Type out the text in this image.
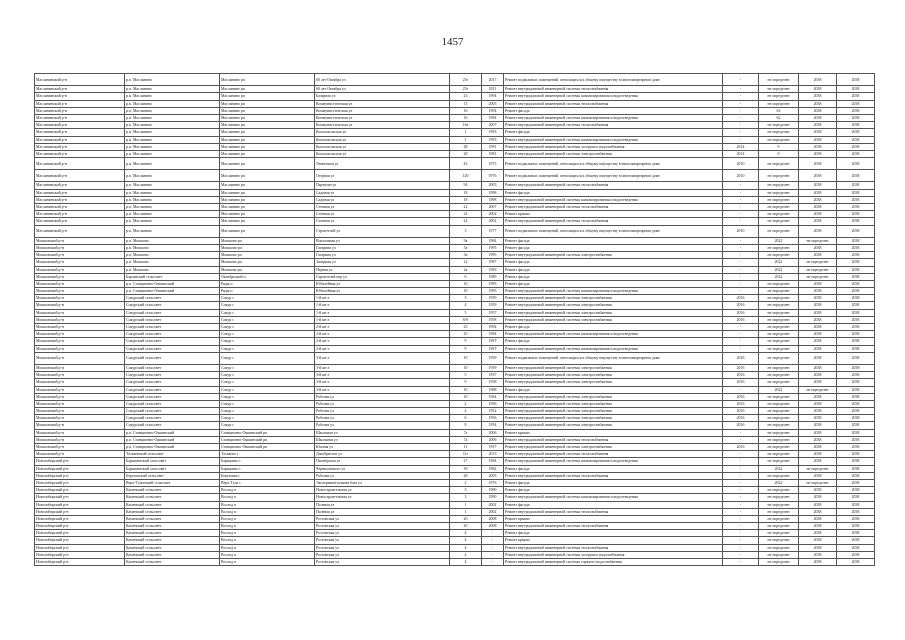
1457
Маслянинский р-н	р.п. Маслянино	Маслянино рп	60 лет Октября ул	25г	2017	Ремонт подвальных помещений, относящихся к общему имуществу в многоквартирном доме	-	не определен	2038	2038
Маслянинский р-н	р.п. Маслянино	Маслянино рп	60 лет Октября ул	25г	2011	Ремонт внутридомовой инженерной системы теплоснабжения	-	не определен	2038	2038
Маслянинский р-н	р.п. Маслянино	Маслянино рп	Базарная ул	23	1994	Ремонт внутридомовой инженерной системы канализирования и водоотведения	-	не определен	2038	2038
Маслянинский р-н	р.п. Маслянино	Маслянино рп	Коммунистическая ул	13	2005	Ремонт внутридомовой инженерной системы теплоснабжения	-	не определен	2038	2038
Маслянинский р-н	р.п. Маслянино	Маслянино рп	Коммунистическая ул	16	1994	Ремонт фасада	-	63	2038	2038
Маслянинский р-н	р.п. Маслянино	Маслянино рп	Коммунистическая ул	16	1994	Ремонт внутридомовой инженерной системы канализирования и водоотведения	-	62	2038	2038
Маслянинский р-н	р.п. Маслянино	Маслянино рп	Коммунистическая ул	16а	2007	Ремонт внутридомовой инженерной системы теплоснабжения	-	не определен	2038	2038
Маслянинский р-н	р.п. Маслянино	Маслянино рп	Комсомольская ул	1	1993	Ремонт фасада	-	не определен	2038	2038
Маслянинский р-н	р.п. Маслянино	Маслянино рп	Комсомольская ул	1	1993	Ремонт внутридомовой инженерной системы канализирования и водоотведения	-	не определен	2038	2038
Маслянинский р-н	р.п. Маслянино	Маслянино рп	Комсомольская ул	28	1981	Ремонт внутридомовой инженерной системы холодного водоснабжения	2014	0	2038	2038
Маслянинский р-н	р.п. Маслянино	Маслянино рп	Комсомольская ул	28	1981	Ремонт внутридомовой инженерной системы электроснабжения	2014	0	2038	2038
Маслянинский р-н	р.п. Маслянино	Маслянино рп	Ленинская ул	43	1975	Ремонт подвальных помещений, относящихся к общему имуществу в многоквартирном доме	2010	не определен	2038	2038
Маслянинский р-н	р.п. Маслянино	Маслянино рп	Озерная ул	120	1976	Ремонт подвальных помещений, относящихся к общему имуществу в многоквартирном доме	2010	не определен	2038	2038
Маслянинский р-н	р.п. Маслянино	Маслянино рп	Партизан ул	94	2005	Ремонт внутридомовой инженерной системы теплоснабжения	-	не определен	2038	2038
Маслянинский р-н	р.п. Маслянино	Маслянино рп	Садовая ул	18	1998	Ремонт фасада	-	не определен	2038	2038
Маслянинский р-н	р.п. Маслянино	Маслянино рп	Садовая ул	18	1998	Ремонт внутридомовой инженерной системы канализирования и водоотведения	-	не определен	2038	2038
Маслянинский р-н	р.п. Маслянино	Маслянино рп	Степная ул	22	2007	Ремонт внутридомовой инженерной системы теплоснабжения	-	не определен	2038	2038
Маслянинский р-н	р.п. Маслянино	Маслянино рп	Степная ул	24	2002	Ремонт крыши	-	не определен	2038	2038
Маслянинский р-н	р.п. Маслянино	Маслянино рп	Степная ул	24	2002	Ремонт внутридомовой инженерной системы теплоснабжения	-	не определен	2038	2038
Маслянинский р-н	р.п. Маслянино	Маслянино рп	Строителей ул	3	1977	Ремонт подвальных помещений, относящихся к общему имуществу в многоквартирном доме	2010	не определен	2038	2038
Мошковский р-н	р.п. Мошково	Мошково рп	Вокзальная ул	9а	1984	Ремонт фасада	-	2022	не определен	2038
Мошковский р-н	р.п. Мошково	Мошково рп	Гагарина ул	5а	1995	Ремонт фасада	-	не определен	2038	2038
Мошковский р-н	р.п. Мошково	Мошково рп	Гагарина ул	5а	1995	Ремонт внутридомовой инженерной системы электроснабжения	-	не определен	2038	2038
Мошковский р-н	р.п. Мошково	Мошково рп	Западная ул	12	1987	Ремонт фасада	-	2022	не определен	2038
Мошковский р-н	р.п. Мошково	Мошково рп	Первая ул	2а	1983	Ремонт фасада	-	2022	не определен	2038
Мошковский р-н	Барлакский сельсовет	Октябрьский п	Строителей пер ул	6	1989	Ремонт фасада	-	2022	не определен	2038
Мошковский р-н	р.п. Станционно-Ояшинский	Ряды п	Юбилейная ул	10	1995	Ремонт фасада	-	не определен	2038	2038
Мошковский р-н	р.п. Станционно-Ояшинский	Ряды п	Юбилейная ул	10	1995	Ремонт внутридомовой инженерной системы канализирования и водоотведения	-	не определен	2038	2038
Мошковский р-н	Сокурский сельсовет	Сокур с	1-й кв-л	3	1959	Ремонт внутридомовой инженерной системы электроснабжения	2016	не определен	2038	2038
Мошковский р-н	Сокурский сельсовет	Сокур с	1-й кв-л	4	1959	Ремонт внутридомовой инженерной системы электроснабжения	2016	не определен	2038	2038
Мошковский р-н	Сокурский сельсовет	Сокур с	1-й кв-л	5	1957	Ремонт внутридомовой инженерной системы электроснабжения	2016	не определен	2038	2038
Мошковский р-н	Сокурский сельсовет	Сокур с	1-й кв-л	6/9	1958	Ремонт внутридомовой инженерной системы электроснабжения	2016	не определен	2038	2038
Мошковский р-н	Сокурский сельсовет	Сокур с	2-й кв-л	25	1994	Ремонт фасада	-	не определен	2038	2038
Мошковский р-н	Сокурский сельсовет	Сокур с	2-й кв-л	25	1994	Ремонт внутридомовой инженерной системы канализирования и водоотведения	-	не определен	2038	2038
Мошковский р-н	Сокурский сельсовет	Сокур с	2-й кв-л	9	1997	Ремонт фасада	-	не определен	2038	2038
Мошковский р-н	Сокурский сельсовет	Сокур с	2-й кв-л	9	1997	Ремонт внутридомовой инженерной системы канализирования и водоотведения	-	не определен	2038	2038
Мошковский р-н	Сокурский сельсовет	Сокур с	3-й кв-л	10	1959	Ремонт подвальных помещений, относящихся к общему имуществу в многоквартирном доме	2016	не определен	2038	2038
Мошковский р-н	Сокурский сельсовет	Сокур с	3-й кв-л	10	1959	Ремонт внутридомовой инженерной системы электроснабжения	2016	не определен	2038	2038
Мошковский р-н	Сокурский сельсовет	Сокур с	3-й кв-л	5	1957	Ремонт внутридомовой инженерной системы электроснабжения	2016	не определен	2038	2038
Мошковский р-н	Сокурский сельсовет	Сокур с	3-й кв-л	9	1958	Ремонт внутридомовой инженерной системы электроснабжения	2016	не определен	2038	2038
Мошковский р-н	Сокурский сельсовет	Сокур с	3-й кв-л	10	1988	Ремонт фасада	-	2022	не определен	2038
Мошковский р-н	Сокурский сельсовет	Сокур с	Рабочая ул	10	1964	Ремонт внутридомовой инженерной системы электроснабжения	2016	не определен	2038	2038
Мошковский р-н	Сокурский сельсовет	Сокур с	Рабочая ул	2	1956	Ремонт внутридомовой инженерной системы электроснабжения	2016	не определен	2038	2038
Мошковский р-н	Сокурский сельсовет	Сокур с	Рабочая ул	4	1952	Ремонт внутридомовой инженерной системы электроснабжения	2016	не определен	2038	2038
Мошковский р-н	Сокурский сельсовет	Сокур с	Рабочая ул	6	1956	Ремонт внутридомовой инженерной системы электроснабжения	2016	не определен	2038	2038
Мошковский р-н	Сокурский сельсовет	Сокур с	Рабочая ул	8	1954	Ремонт внутридомовой инженерной системы электроснабжения	2016	не определен	2038	2038
Мошковский р-н	р.п. Станционно-Ояшинский	Станционно-Ояшинский рп	Школьная ул	7а	2006	Ремонт крыши	-	не определен	2038	2038
Мошковский р-н	р.п. Станционно-Ояшинский	Станционно-Ояшинский рп	Школьная ул	7а	2006	Ремонт внутридомовой инженерной системы теплоснабжения	-	не определен	2038	2038
Мошковский р-н	р.п. Станционно-Ояшинский	Станционно-Ояшинский рп	Южная ул	11	1957	Ремонт внутридомовой инженерной системы электроснабжения	2016	не определен	2038	2038
Мошковский р-н	Таскаевский сельсовет	Таскаево с	Декабристов ул	11г	2013	Ремонт внутридомовой инженерной системы теплоснабжения	-	не определен	2038	2038
Новосибирский р-н	Барышевский сельсовет	Барышево с	Пионерская ул	27	1994	Ремонт внутридомовой инженерной системы канализирования и водоотведения	-	не определен	2038	2038
Новосибирский р-н	Барышевский сельсовет	Барышево с	Черняховского ул	39	1982	Ремонт фасада	-	2022	не определен	2038
Новосибирский р-н	Березовский сельсовет	Березовка с	Рабочая ул	28	2005	Ремонт внутридомовой инженерной системы теплоснабжения	-	не определен	2038	2038
Новосибирский р-н	Верх-Тулинский сельсовет	Верх-Тула с	Экспериментальная база ул	2	1976	Ремонт фасада	-	2022	не определен	2038
Новосибирский р-н	Каменский сельсовет	Восход п	Новостроительная ул	3	1990	Ремонт фасада	-	не определен	2038	2038
Новосибирский р-н	Каменский сельсовет	Восход п	Новостроительная ул	3	1990	Ремонт внутридомовой инженерной системы канализирования и водоотведения	-	не определен	2038	2038
Новосибирский р-н	Каменский сельсовет	Восход п	Полевая ул	1	2002	Ремонт фасада	-	не определен	2038	2038
Новосибирский р-н	Каменский сельсовет	Восход п	Полевая ул	1	2002	Ремонт внутридомовой инженерной системы теплоснабжения	-	не определен	2038	2038
Новосибирский р-н	Каменский сельсовет	Восход п	Ростовская ул	20	2008	Ремонт крыши	-	не определен	2038	2038
Новосибирский р-н	Каменский сельсовет	Восход п	Ростовская ул	20	2008	Ремонт внутридомовой инженерной системы теплоснабжения	-	не определен	2038	2038
Новосибирский р-н	Каменский сельсовет	Восход п	Ростовская ул	4	-	Ремонт фасада	-	не определен	2038	2038
Новосибирский р-н	Каменский сельсовет	Восход п	Ростовская ул	4	-	Ремонт крыши	-	не определен	2038	2038
Новосибирский р-н	Каменский сельсовет	Восход п	Ростовская ул	4	-	Ремонт внутридомовой инженерной системы теплоснабжения	-	не определен	2038	2038
Новосибирский р-н	Каменский сельсовет	Восход п	Ростовская ул	4	-	Ремонт внутридомовой инженерной системы холодного водоснабжения	-	не определен	2038	2038
Новосибирский р-н	Каменский сельсовет	Восход п	Ростовская ул	4	-	Ремонт внутридомовой инженерной системы горячего водоснабжения	-	не определен	2038	2038
